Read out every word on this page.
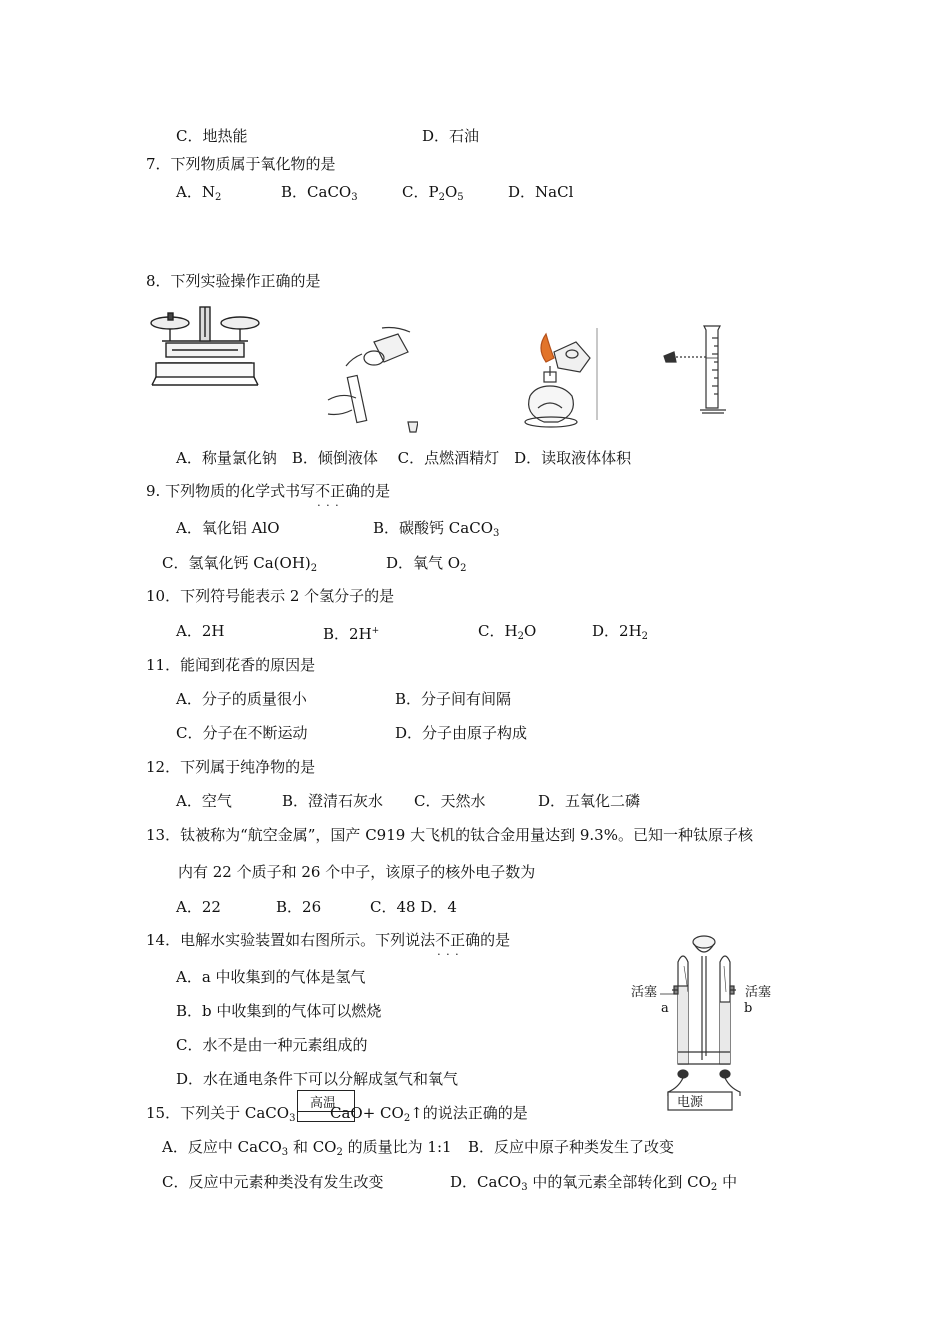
C．地热能	D．石油
7．下列物质属于氧化物的是
A．$N_2$	B．CaCO$_3$	C．$P_2O_5$	D．NaCl
8．下列实验操作正确的是
A．称量氯化钠　B．倾倒液体　 C．点燃酒精灯　D．读取液体体积
9. 下列物质的化学式书写不正确 · · ·的是
A．氧化铝 AlO	B．碳酸钙 CaCO$_3$
C．氢氧化钙 $Ca(OH)_2$	D．氧气 $O_2$
10．下列符号能表示 2 个氢分子的是
A．2H	B．2H+	C．$H_2O$	D．$2H_2$
11．能闻到花香的原因是
A．分子的质量很小	B．分子间有间隔
C．分子在不断运动	D．分子由原子构成
12．下列属于纯净物的是
A．空气	B．澄清石灰水 C．天然水	D．五氧化二磷
13．钛被称为“航空金属”，国产 C919 大飞机的钛合金用量达到 9.3%。已知一种钛原子核
内有 22 个质子和 26 个中子，该原子的核外电子数为
A．22	B．26	C．48 D．4
14．电解水实验装置如右图所示。下列说法不正确 · · ·的是
A．a 中收集到的气体是氢气
B．b 中收集到的气体可以燃烧
C．水不是由一种元素组成的
D．水在通电条件下可以分解成氢气和氧气
活塞	活塞
a	b
电源
15．下列关于 CaCO$_3$
高温
$CaO+ CO_2↑$的说法正确的是
A．反应中 CaCO$_3$ 和 $CO_2$ 的质量比为 1:1 B．反应中原子种类发生了改变
C．反应中元素种类没有发生改变	D．CaCO$_3$ 中的氧元素全部转化到 $CO_2$ 中
